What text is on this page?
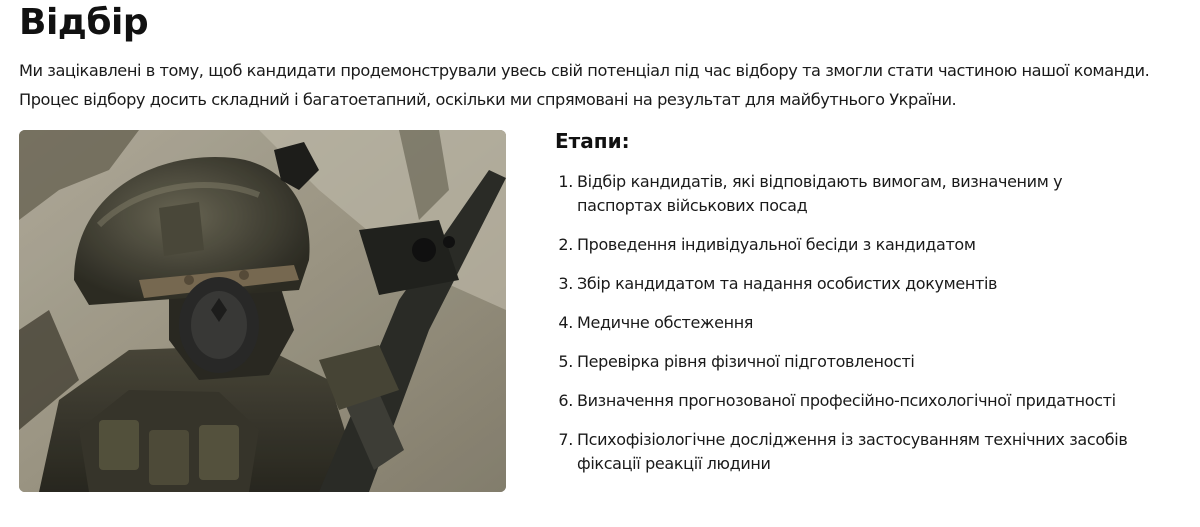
Відбір

Ми зацікавлені в тому, щоб кандидати продемонстрували увесь свій потенціал під час відбору та змогли стати частиною нашої команди.

Процес відбору досить складний і багатоетапний, оскільки ми спрямовані на результат для майбутнього України.

Етапи:
1. Відбір кандидатів, які відповідають вимогам, визначеним у паспортах військових посад
2. Проведення індивідуальної бесіди з кандидатом
3. Збір кандидатом та надання особистих документів
4. Медичне обстеження
5. Перевірка рівня фізичної підготовленості
6. Визначення прогнозованої професійно-психологічної придатності
7. Психофізіологічне дослідження із застосуванням технічних засобів фіксації реакції людини
